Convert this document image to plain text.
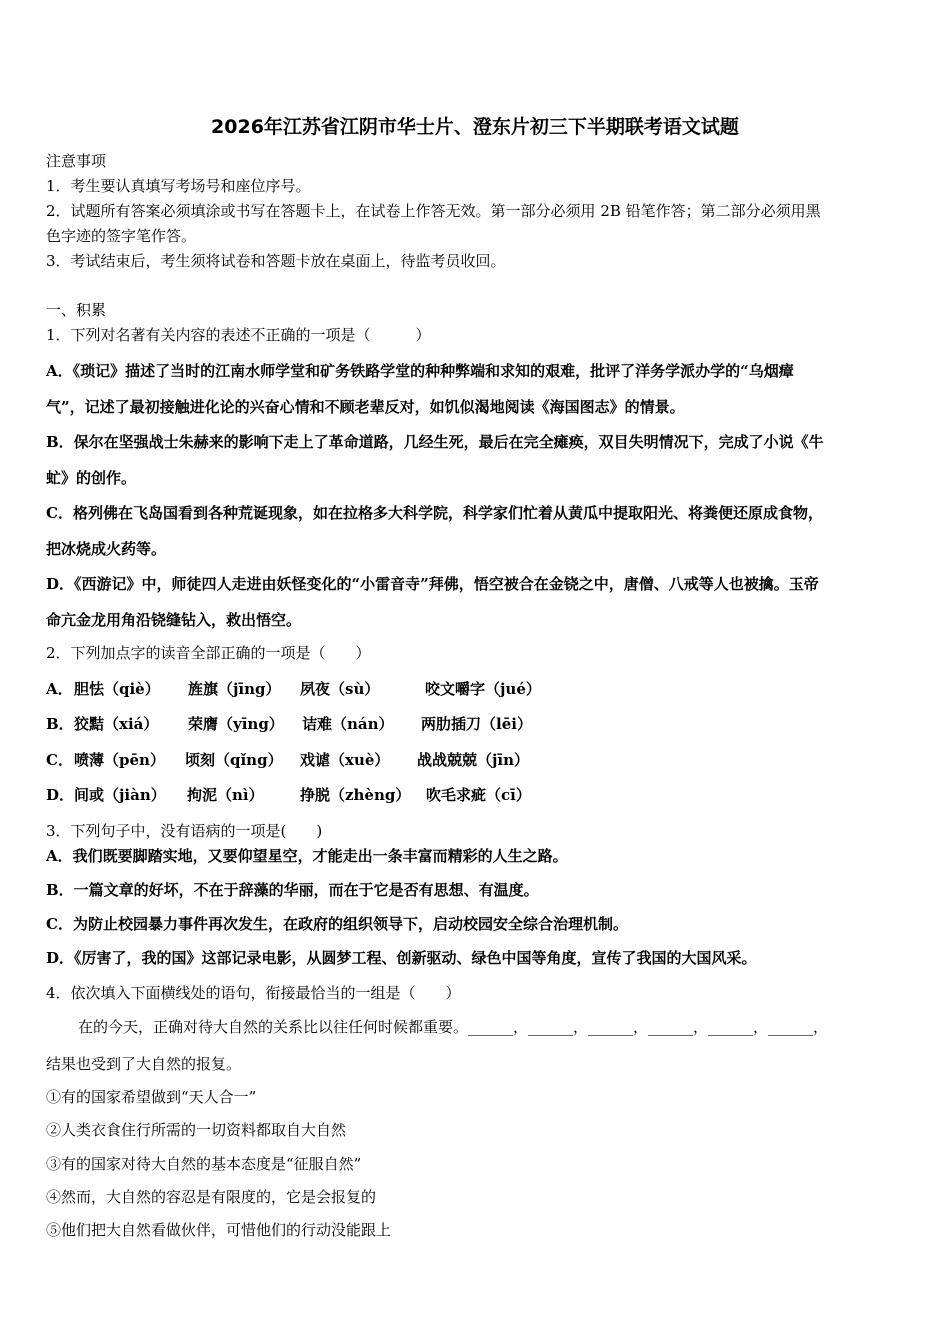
2026年江苏省江阴市华士片、澄东片初三下半期联考语文试题
注意事项
1．考生要认真填写考场号和座位序号。
2．试题所有答案必须填涂或书写在答题卡上，在试卷上作答无效。第一部分必须用 2B 铅笔作答；第二部分必须用黑
色字迹的签字笔作答。
3．考试结束后，考生须将试卷和答题卡放在桌面上，待监考员收回。
一、积累
1．下列对名著有关内容的表述不正确的一项是（　　　）
A．《琐记》描述了当时的江南水师学堂和矿务铁路学堂的种种弊端和求知的艰难，批评了洋务学派办学的“乌烟瘴
气”，记述了最初接触进化论的兴奋心情和不顾老辈反对，如饥似渴地阅读《海国图志》的情景。
B．保尔在坚强战士朱赫来的影响下走上了革命道路，几经生死，最后在完全瘫痪，双目失明情况下，完成了小说《牛
虻》的创作。
C．格列佛在飞岛国看到各种荒诞现象，如在拉格多大科学院，科学家们忙着从黄瓜中提取阳光、将粪便还原成食物，
把冰烧成火药等。
D．《西游记》中，师徒四人走进由妖怪变化的“小雷音寺”拜佛，悟空被合在金铙之中，唐僧、八戒等人也被擒。玉帝
命亢金龙用角沿铙缝钻入，救出悟空。
2．下列加点字的读音全部正确的一项是（　　）
A． 胆怯（qiè） 旌旗（jīng） 夙夜（sù）	咬文嚼字（jué）
B． 狡黠（xiá） 荣膺（yīng） 诘难（nán） 两肋插刀（lēi）
C． 喷薄（pēn） 顷刻（qǐng） 戏谑（xuè） 战战兢兢（jīn）
D． 间或（jiàn） 拘泥（nì） 挣脱（zhèng） 吹毛求疵（cī）
3．下列句子中，没有语病的一项是(　　)
A．我们既要脚踏实地，又要仰望星空，才能走出一条丰富而精彩的人生之路。
B．一篇文章的好坏，不在于辞藻的华丽，而在于它是否有思想、有温度。
C．为防止校园暴力事件再次发生，在政府的组织领导下，启动校园安全综合治理机制。
D．《厉害了，我的国》这部记录电影，从圆梦工程、创新驱动、绿色中国等角度，宣传了我国的大国风采。
4．依次填入下面横线处的语句，衔接最恰当的一组是（　　）
在的今天，正确对待大自然的关系比以往任何时候都重要。______，______，______，______，______，______，
结果也受到了大自然的报复。
①有的国家希望做到“天人合一”
②人类衣食住行所需的一切资料都取自大自然
③有的国家对待大自然的基本态度是“征服自然”
④然而，大自然的容忍是有限度的，它是会报复的
⑤他们把大自然看做伙伴，可惜他们的行动没能跟上
